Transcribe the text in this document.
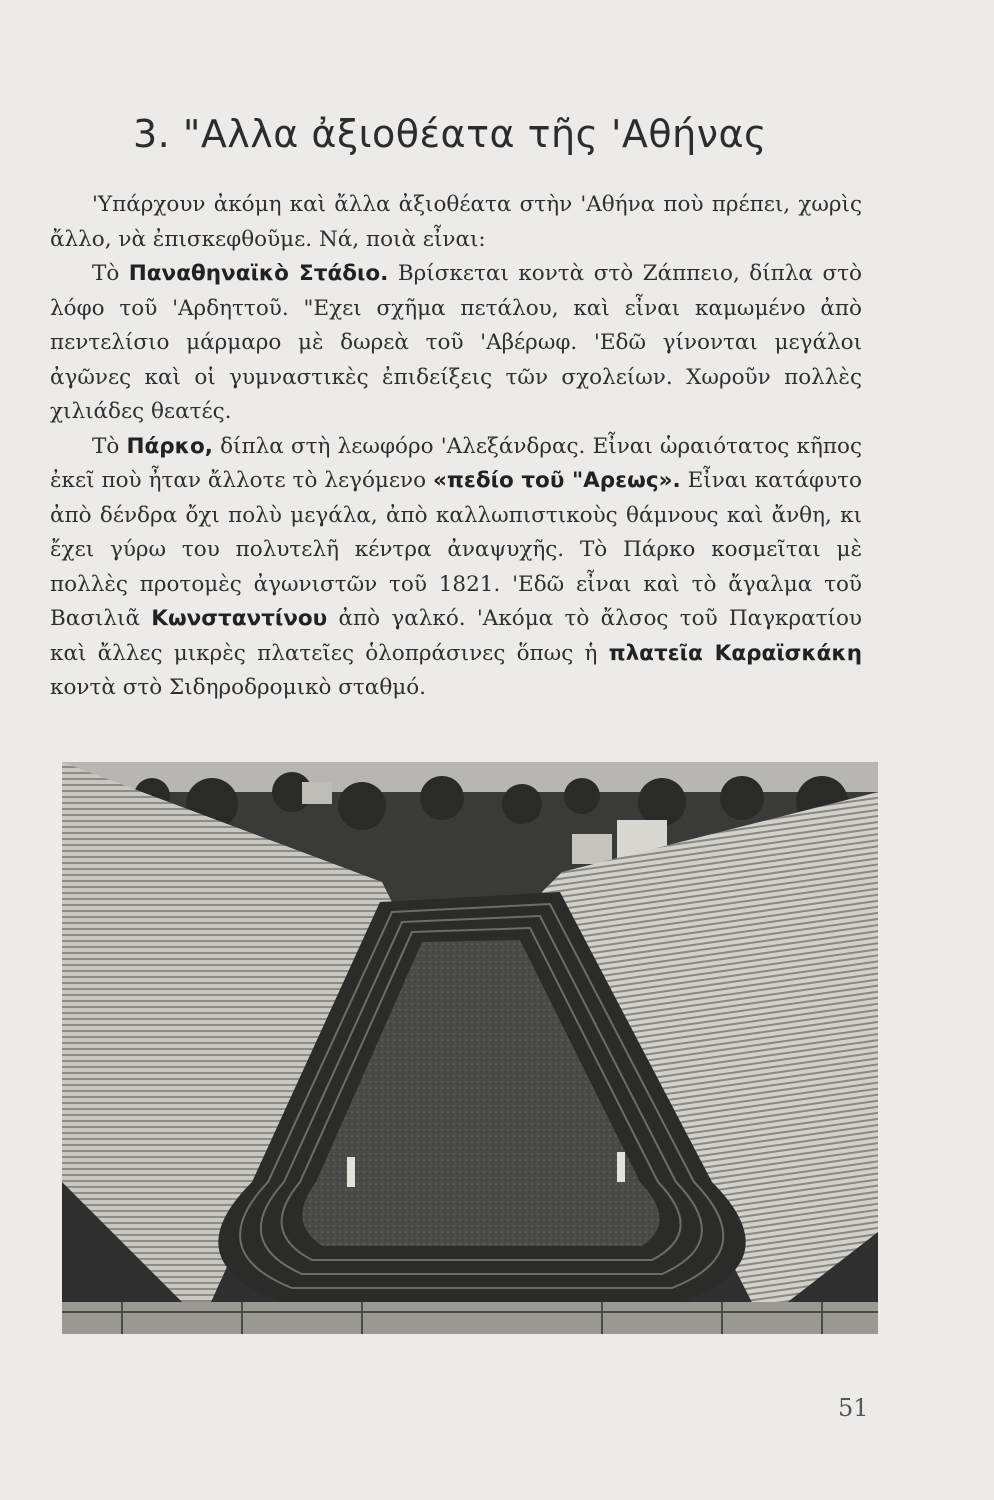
3. "Αλλα ἀξιοθέατα τῆς 'Αθήνας

'Υπάρχουν ἀκόμη καὶ ἄλλα ἀξιοθέατα στὴν 'Αθήνα ποὺ πρέπει, χωρὶς ἄλλο, νὰ ἐπισκεφθοῦμε. Νά, ποιὰ εἶναι:

Τὸ Παναθηναϊκὸ Στάδιο. Βρίσκεται κοντὰ στὸ Ζάππειο, δίπλα στὸ λόφο τοῦ 'Αρδηττοῦ. "Εχει σχῆμα πετάλου, καὶ εἶναι καμωμένο ἀπὸ πεντελίσιο μάρμαρο μὲ δωρεὰ τοῦ 'Αβέρωφ. 'Εδῶ γίνονται μεγάλοι ἀγῶνες καὶ οἱ γυμναστικὲς ἐπιδείξεις τῶν σχολείων. Χωροῦν πολλὲς χιλιάδες θεατές.

Τὸ Πάρκο, δίπλα στὴ λεωφόρο 'Αλεξάνδρας. Εἶναι ὡραιότατος κῆπος ἐκεῖ ποὺ ἦταν ἄλλοτε τὸ λεγόμενο «πεδίο τοῦ "Αρεως». Εἶναι κατάφυτο ἀπὸ δένδρα ὄχι πολὺ μεγάλα, ἀπὸ καλλωπιστικοὺς θάμνους καὶ ἄνθη, κι ἔχει γύρω του πολυτελῆ κέντρα ἀναψυχῆς. Τὸ Πάρκο κοσμεῖται μὲ πολλὲς προτομὲς ἀγωνιστῶν τοῦ 1821. 'Εδῶ εἶναι καὶ τὸ ἄγαλμα τοῦ Βασιλιᾶ Κωνσταντίνου ἀπὸ γαλκό. 'Ακόμα τὸ ἄλσος τοῦ Παγκρατίου καὶ ἄλλες μικρὲς πλατεῖες ὁλοπράσινες ὅπως ἡ πλατεῖα Καραϊσκάκη κοντὰ στὸ Σιδηροδρομικὸ σταθμό.

51
